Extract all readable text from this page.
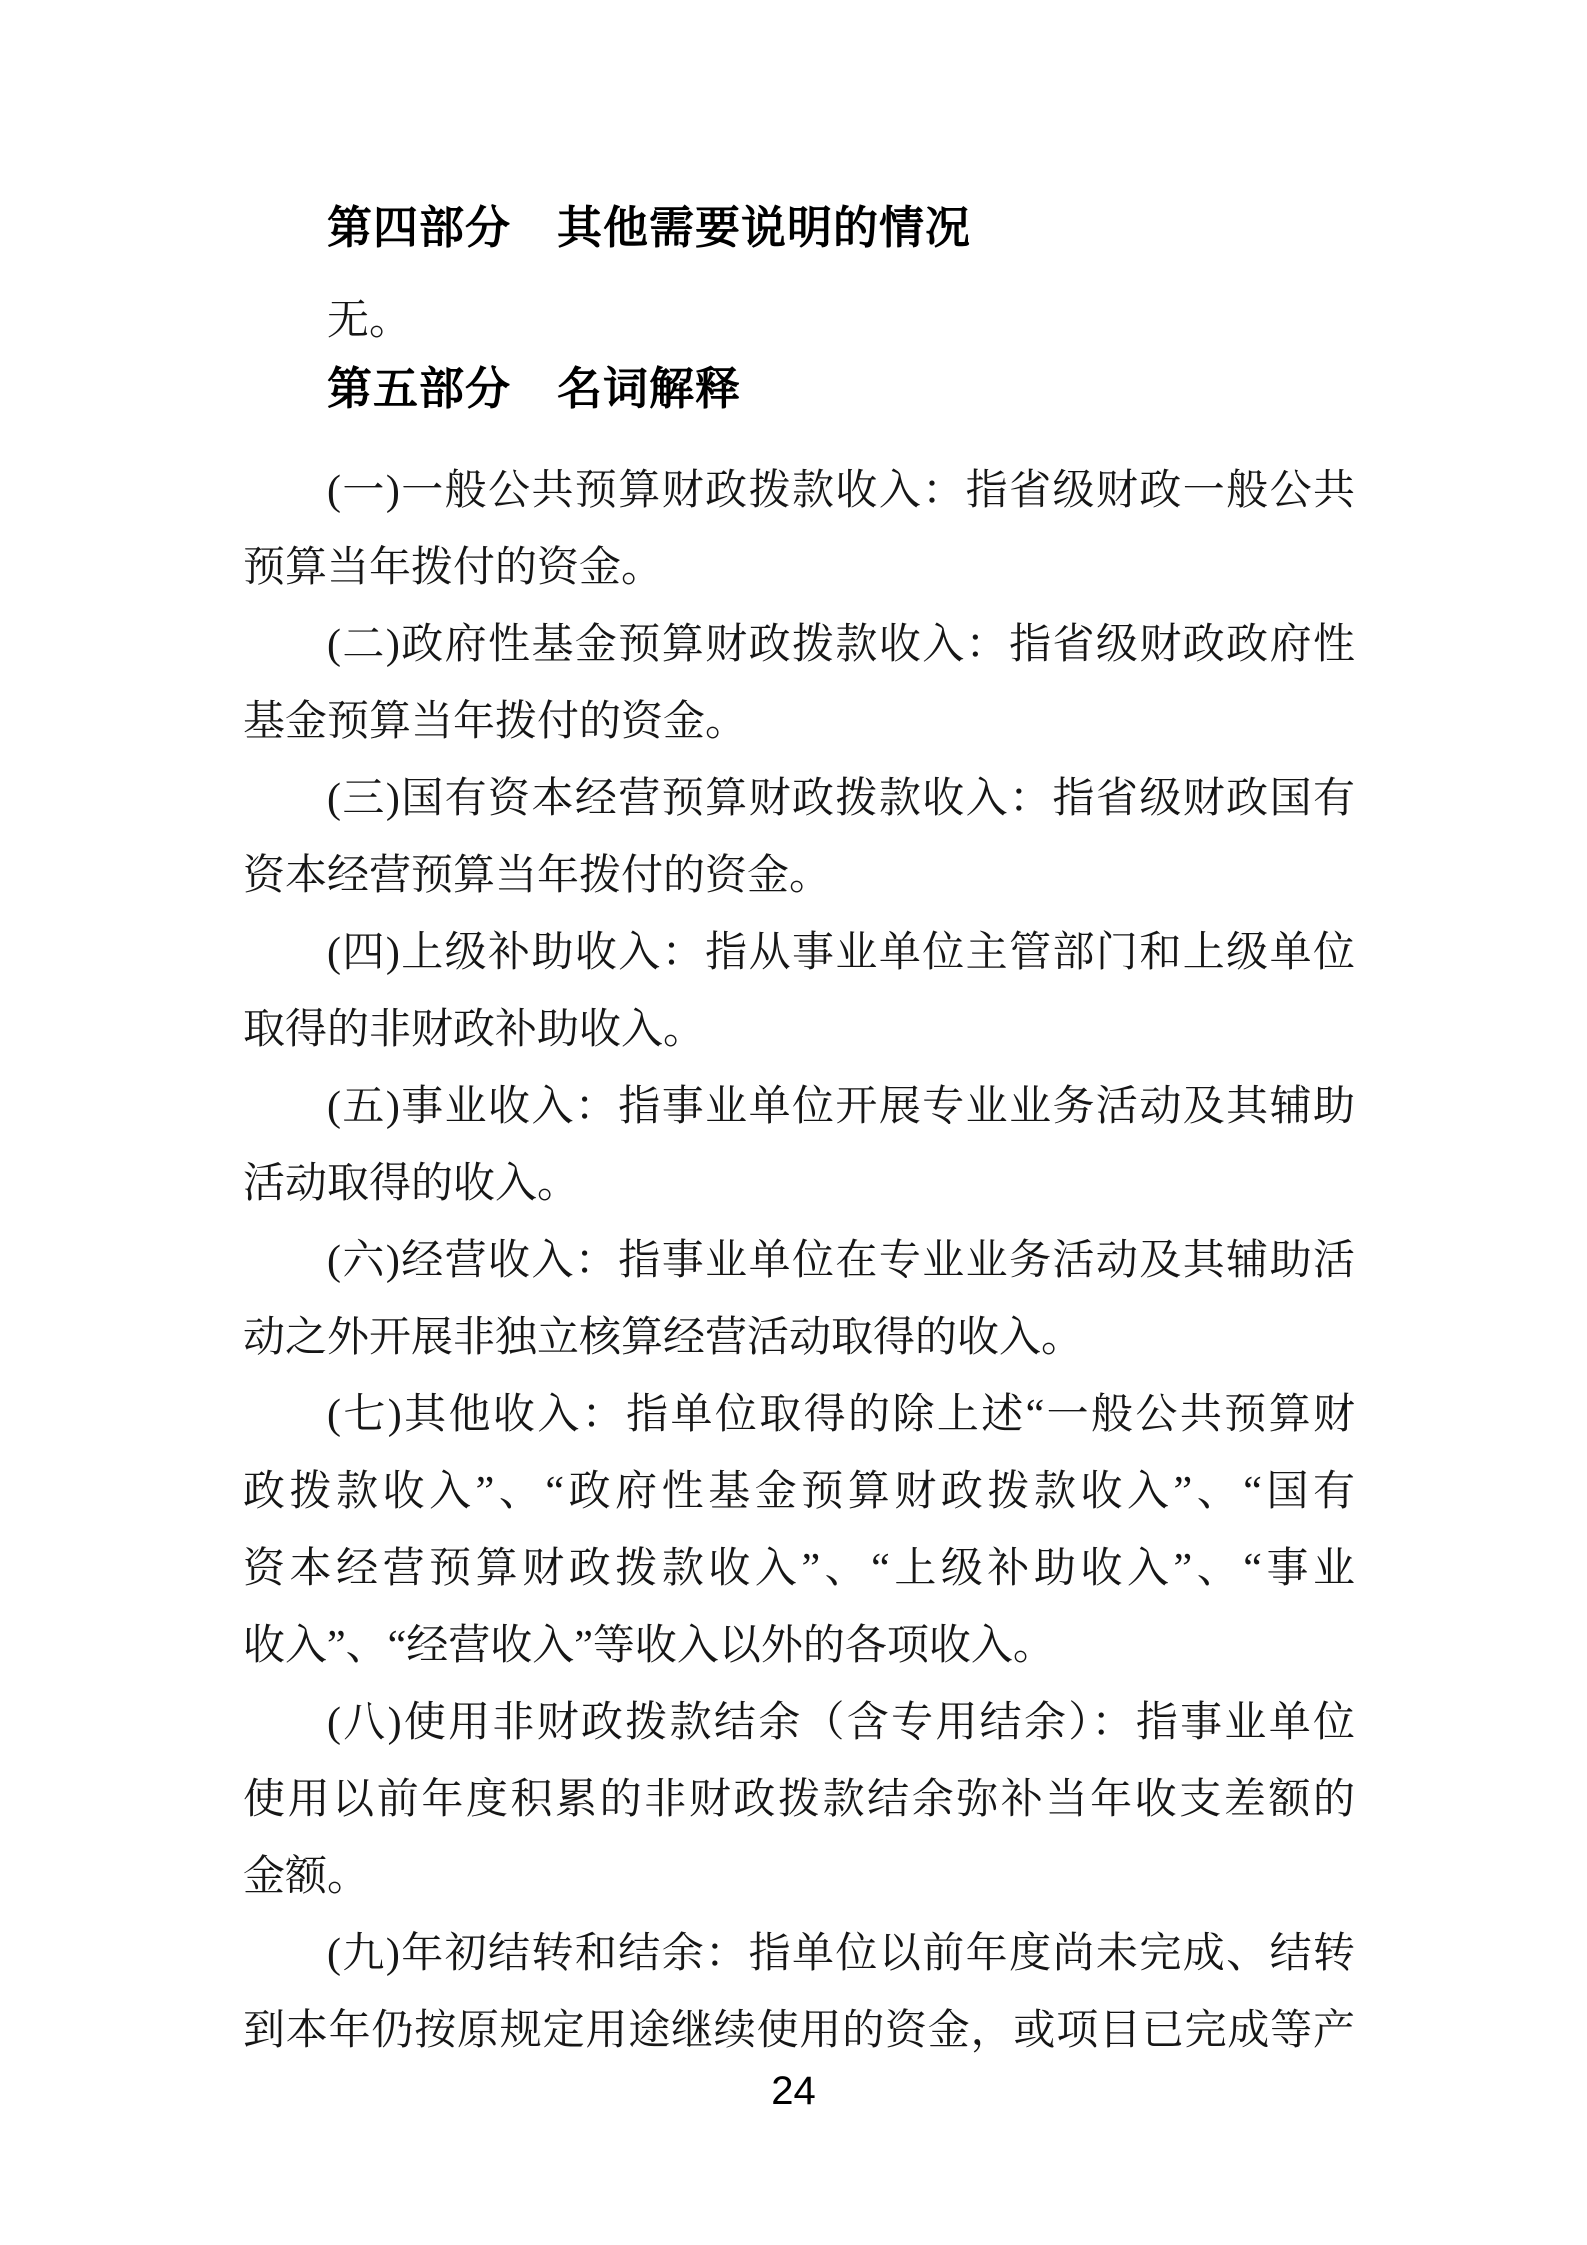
第四部分　其他需要说明的情况

无。

第五部分　名词解释
(一)一般公共预算财政拨款收入：指省级财政一般公共
预算当年拨付的资金。
(二)政府性基金预算财政拨款收入：指省级财政政府性
基金预算当年拨付的资金。
(三)国有资本经营预算财政拨款收入：指省级财政国有
资本经营预算当年拨付的资金。
(四)上级补助收入：指从事业单位主管部门和上级单位
取得的非财政补助收入。
(五)事业收入：指事业单位开展专业业务活动及其辅助
活动取得的收入。
(六)经营收入：指事业单位在专业业务活动及其辅助活
动之外开展非独立核算经营活动取得的收入。
(七)其他收入：指单位取得的除上述“一般公共预算财
政拨款收入”、“政府性基金预算财政拨款收入”、“国有
资本经营预算财政拨款收入”、“上级补助收入”、“事业
收入”、“经营收入”等收入以外的各项收入。
(八)使用非财政拨款结余（含专用结余）：指事业单位
使用以前年度积累的非财政拨款结余弥补当年收支差额的
金额。
(九)年初结转和结余：指单位以前年度尚未完成、结转
到本年仍按原规定用途继续使用的资金，或项目已完成等产
24
